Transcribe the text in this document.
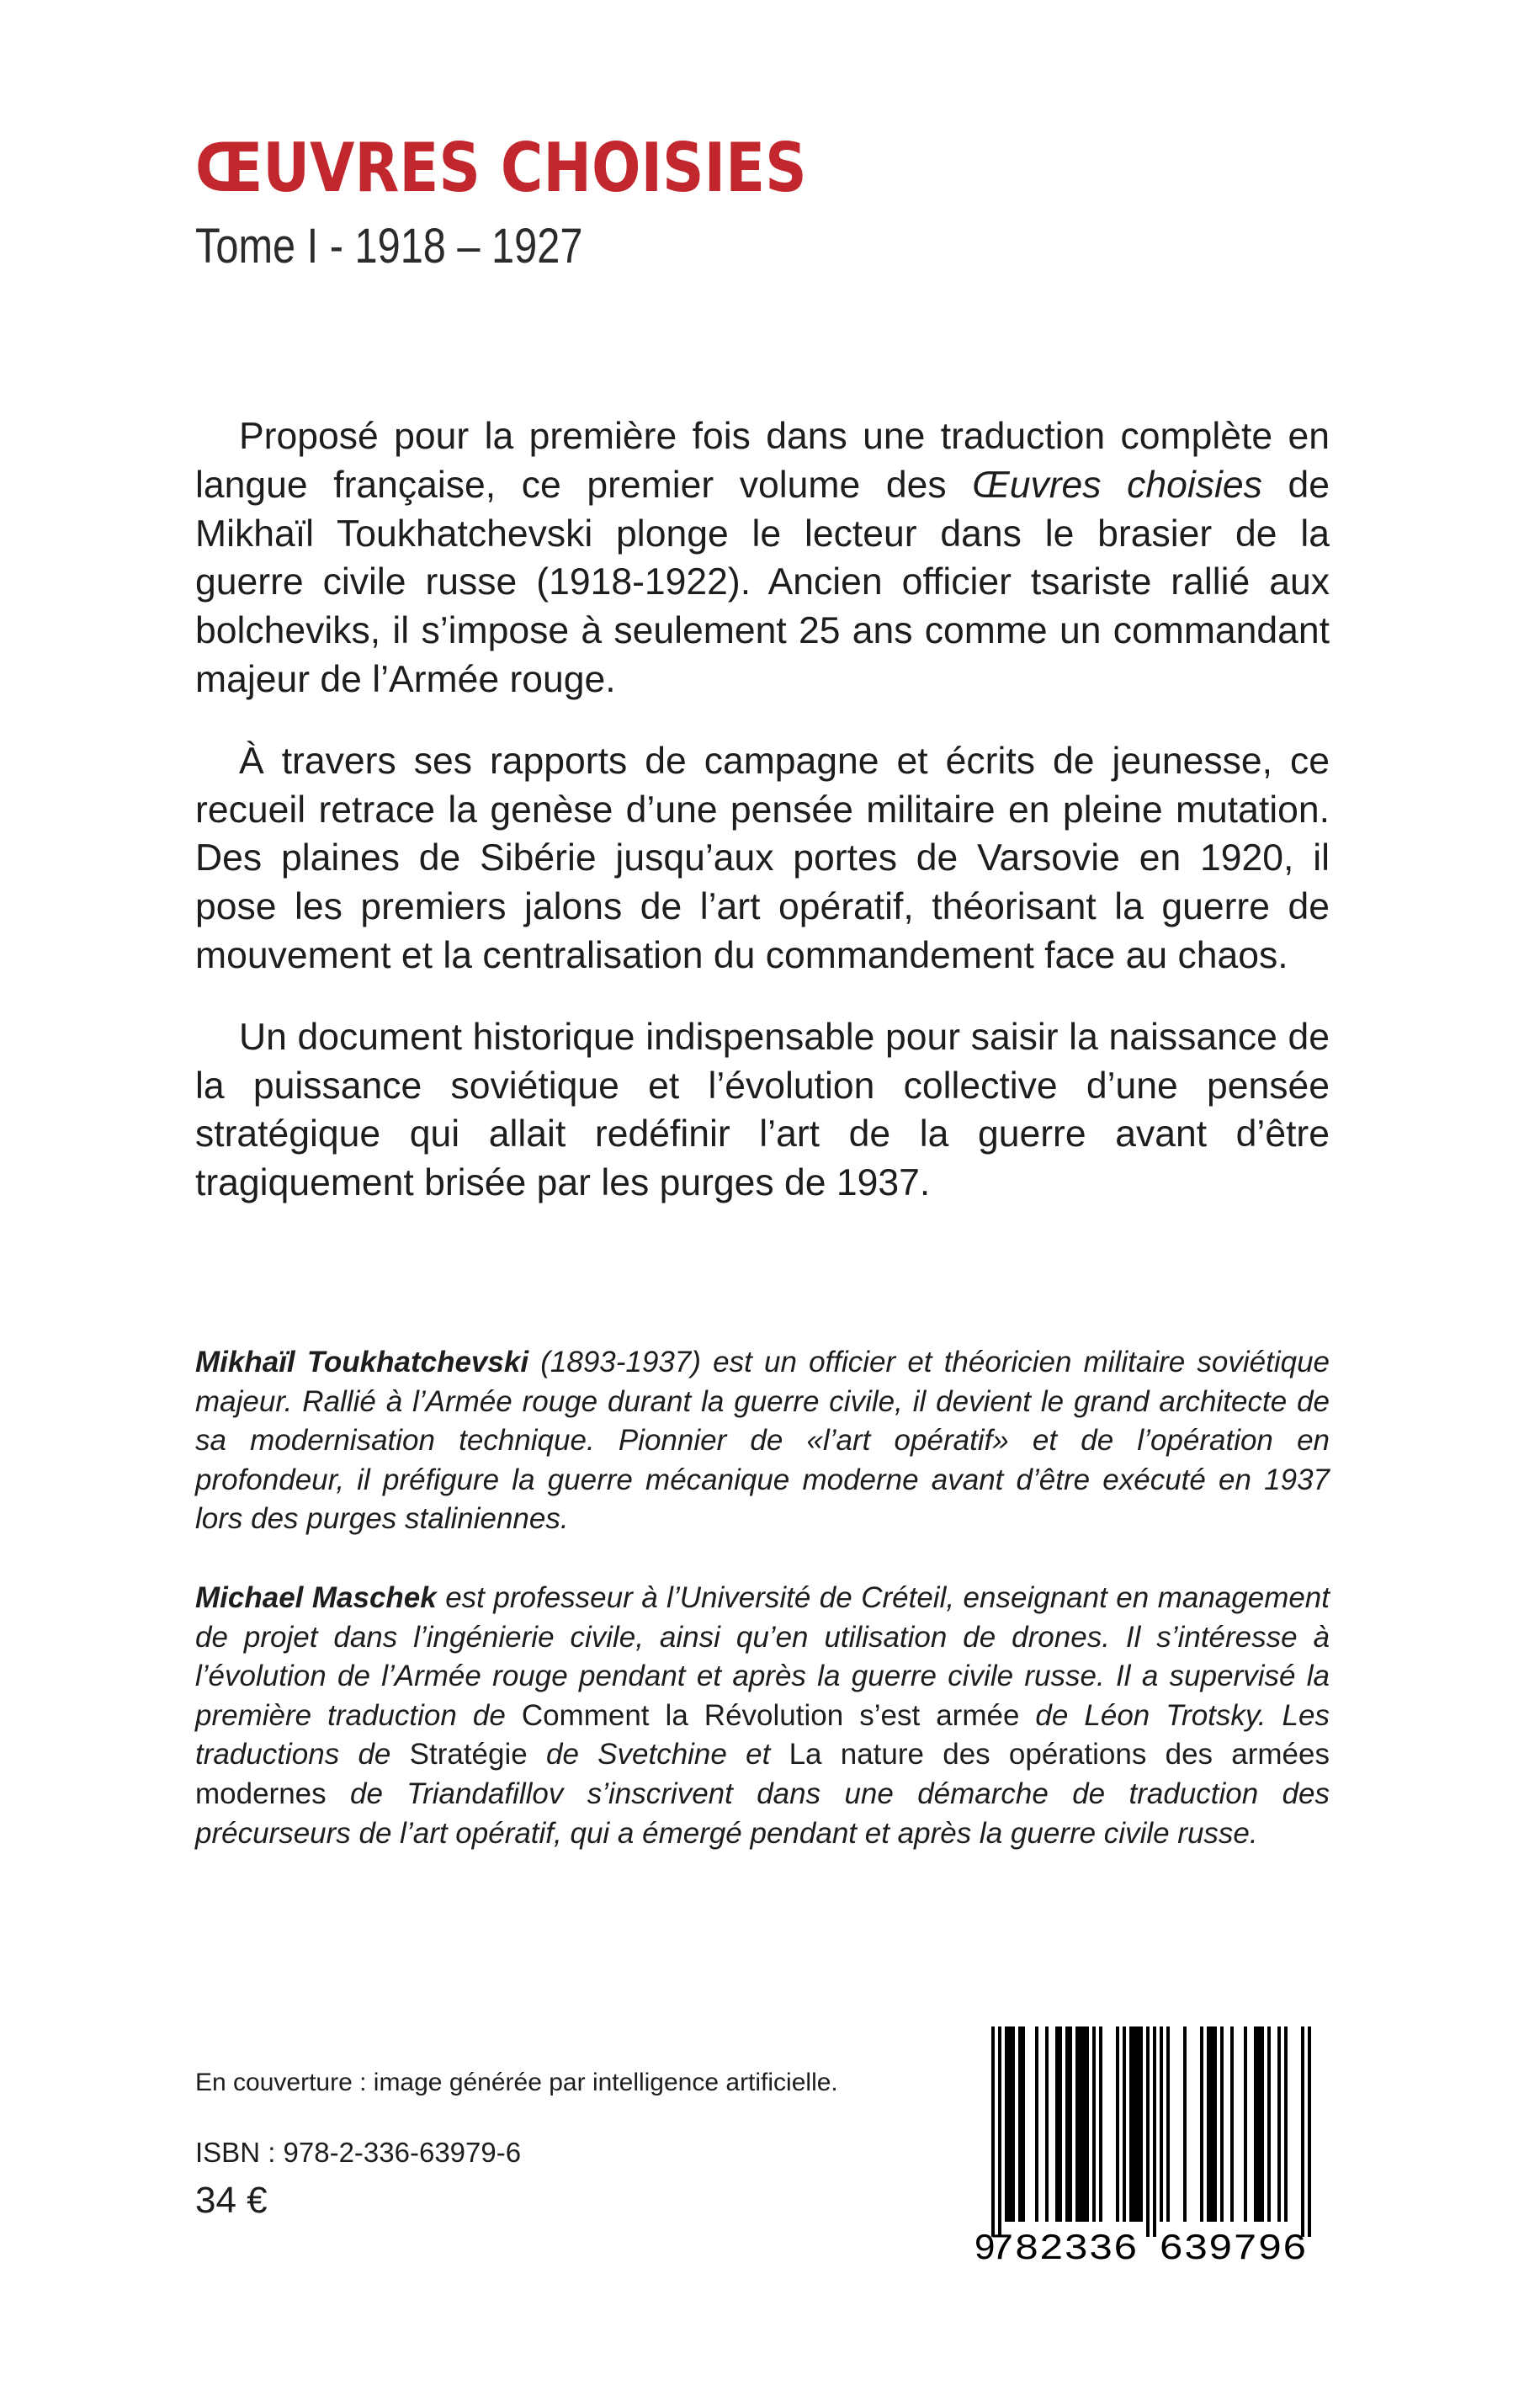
ŒUVRES CHOISIES
Tome I - 1918 – 1927

Proposé pour la première fois dans une traduction complète en langue française, ce premier volume des Œuvres choisies de Mikhaïl Toukhatchevski plonge le lecteur dans le brasier de la guerre civile russe (1918-1922). Ancien officier tsariste rallié aux bolcheviks, il s’impose à seulement 25 ans comme un commandant majeur de l’Armée rouge.

À travers ses rapports de campagne et écrits de jeunesse, ce recueil retrace la genèse d’une pensée militaire en pleine mutation. Des plaines de Sibérie jusqu’aux portes de Varsovie en 1920, il pose les premiers jalons de l’art opératif, théorisant la guerre de mouvement et la centralisation du commandement face au chaos.

Un document historique indispensable pour saisir la naissance de la puissance soviétique et l’évolution collective d’une pensée stratégique qui allait redéfinir l’art de la guerre avant d’être tragiquement brisée par les purges de 1937.

Mikhaïl Toukhatchevski (1893-1937) est un officier et théoricien militaire soviétique majeur. Rallié à l’Armée rouge durant la guerre civile, il devient le grand architecte de sa modernisation technique. Pionnier de «l’art opératif» et de l’opération en profondeur, il préfigure la guerre mécanique moderne avant d’être exécuté en 1937 lors des purges staliniennes.

Michael Maschek est professeur à l’Université de Créteil, enseignant en management de projet dans l’ingénierie civile, ainsi qu’en utilisation de drones. Il s’intéresse à l’évolution de l’Armée rouge pendant et après la guerre civile russe. Il a supervisé la première traduction de Comment la Révolution s’est armée de Léon Trotsky. Les traductions de Stratégie de Svetchine et La nature des opérations des armées modernes de Triandafillov s’inscrivent dans une démarche de traduction des précurseurs de l’art opératif, qui a émergé pendant et après la guerre civile russe.

En couverture : image générée par intelligence artificielle.
ISBN : 978-2-336-63979-6
34 €
9
782336 639796
